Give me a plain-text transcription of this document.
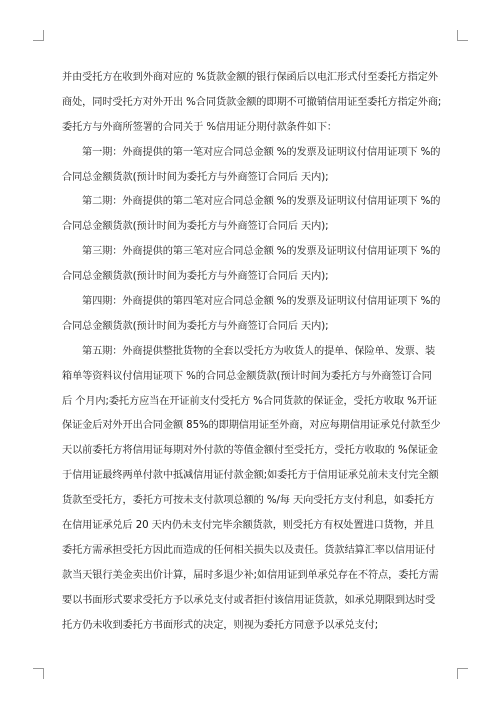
并由受托方在收到外商对应的 %货款金额的银行保函后以电汇形式付至委托方指定外
商处，同时受托方对外开出 %合同货款金额的即期不可撤销信用证至委托方指定外商;
委托方与外商所签署的合同关于 %信用证分期付款条件如下：
第一期：外商提供的第一笔对应合同总金额 %的发票及证明议付信用证项下 %的
合同总金额货款(预计时间为委托方与外商签订合同后 天内);
第二期：外商提供的第二笔对应合同总金额 %的发票及证明议付信用证项下 %的
合同总金额货款(预计时间为委托方与外商签订合同后 天内);
第三期：外商提供的第三笔对应合同总金额 %的发票及证明议付信用证项下 %的
合同总金额货款(预计时间为委托方与外商签订合同后 天内);
第四期：外商提供的第四笔对应合同总金额 %的发票及证明议付信用证项下 %的
合同总金额货款(预计时间为委托方与外商签订合同后 天内);
第五期：外商提供整批货物的全套以受托方为收货人的提单、保险单、发票、装
箱单等资料议付信用证项下 %的合同总金额货款(预计时间为委托方与外商签订合同
后 个月内;委托方应当在开证前支付受托方 %合同货款的保证金，受托方收取 %开证
保证金后对外开出合同金额 85%的即期信用证至外商，对应每期信用证承兑付款至少
天以前委托方将信用证每期对外付款的等值金额付至受托方，受托方收取的 %保证金
于信用证最终两单付款中抵减信用证付款金额;如委托方于信用证承兑前未支付完全额
货款至受托方，委托方可按未支付款项总额的 %/每 天向受托方支付利息，如委托方
在信用证承兑后 20 天内仍未支付完毕余额货款，则受托方有权处置进口货物，并且
委托方需承担受托方因此而造成的任何相关损失以及责任。货款结算汇率以信用证付
款当天银行美金卖出价计算，届时多退少补;如信用证到单承兑存在不符点，委托方需
要以书面形式要求受托方予以承兑支付或者拒付该信用证货款，如承兑期限到达时受
托方仍未收到委托方书面形式的决定，则视为委托方同意予以承兑支付;
